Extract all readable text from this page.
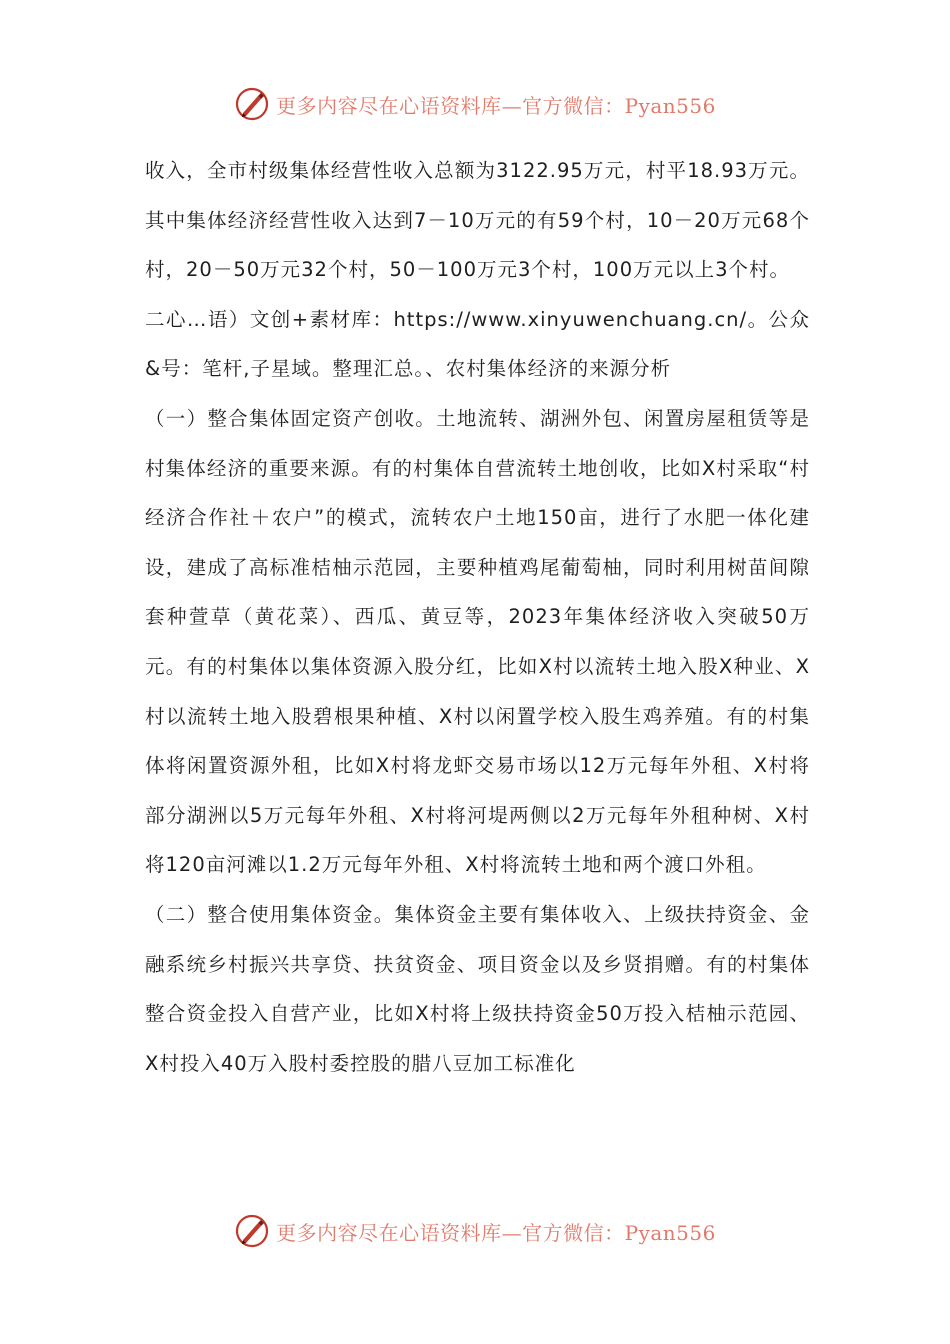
更多内容尽在心语资料库—官方微信：Pyan556

收入，全市村级集体经营性收入总额为3122.95万元，村平18.93万元。其中集体经济经营性收入达到7－10万元的有59个村，10－20万元68个村，20－50万元32个村，50－100万元3个村，100万元以上3个村。

二心…语）文创+素材库：https://www.xinyuwenchuang.cn/。公众&号：笔杆,子星域。整理汇总。、农村集体经济的来源分析

（一）整合集体固定资产创收。土地流转、湖洲外包、闲置房屋租赁等是村集体经济的重要来源。有的村集体自营流转土地创收，比如X村采取“村经济合作社＋农户”的模式，流转农户土地150亩，进行了水肥一体化建设，建成了高标准桔柚示范园，主要种植鸡尾葡萄柚，同时利用树苗间隙套种萱草（黄花菜）、西瓜、黄豆等，2023年集体经济收入突破50万元。有的村集体以集体资源入股分红，比如X村以流转土地入股X种业、X村以流转土地入股碧根果种植、X村以闲置学校入股生鸡养殖。有的村集体将闲置资源外租，比如X村将龙虾交易市场以12万元每年外租、X村将部分湖洲以5万元每年外租、X村将河堤两侧以2万元每年外租种树、X村将120亩河滩以1.2万元每年外租、X村将流转土地和两个渡口外租。

（二）整合使用集体资金。集体资金主要有集体收入、上级扶持资金、金融系统乡村振兴共享贷、扶贫资金、项目资金以及乡贤捐赠。有的村集体整合资金投入自营产业，比如X村将上级扶持资金50万投入桔柚示范园、X村投入40万入股村委控股的腊八豆加工标准化

更多内容尽在心语资料库—官方微信：Pyan556
